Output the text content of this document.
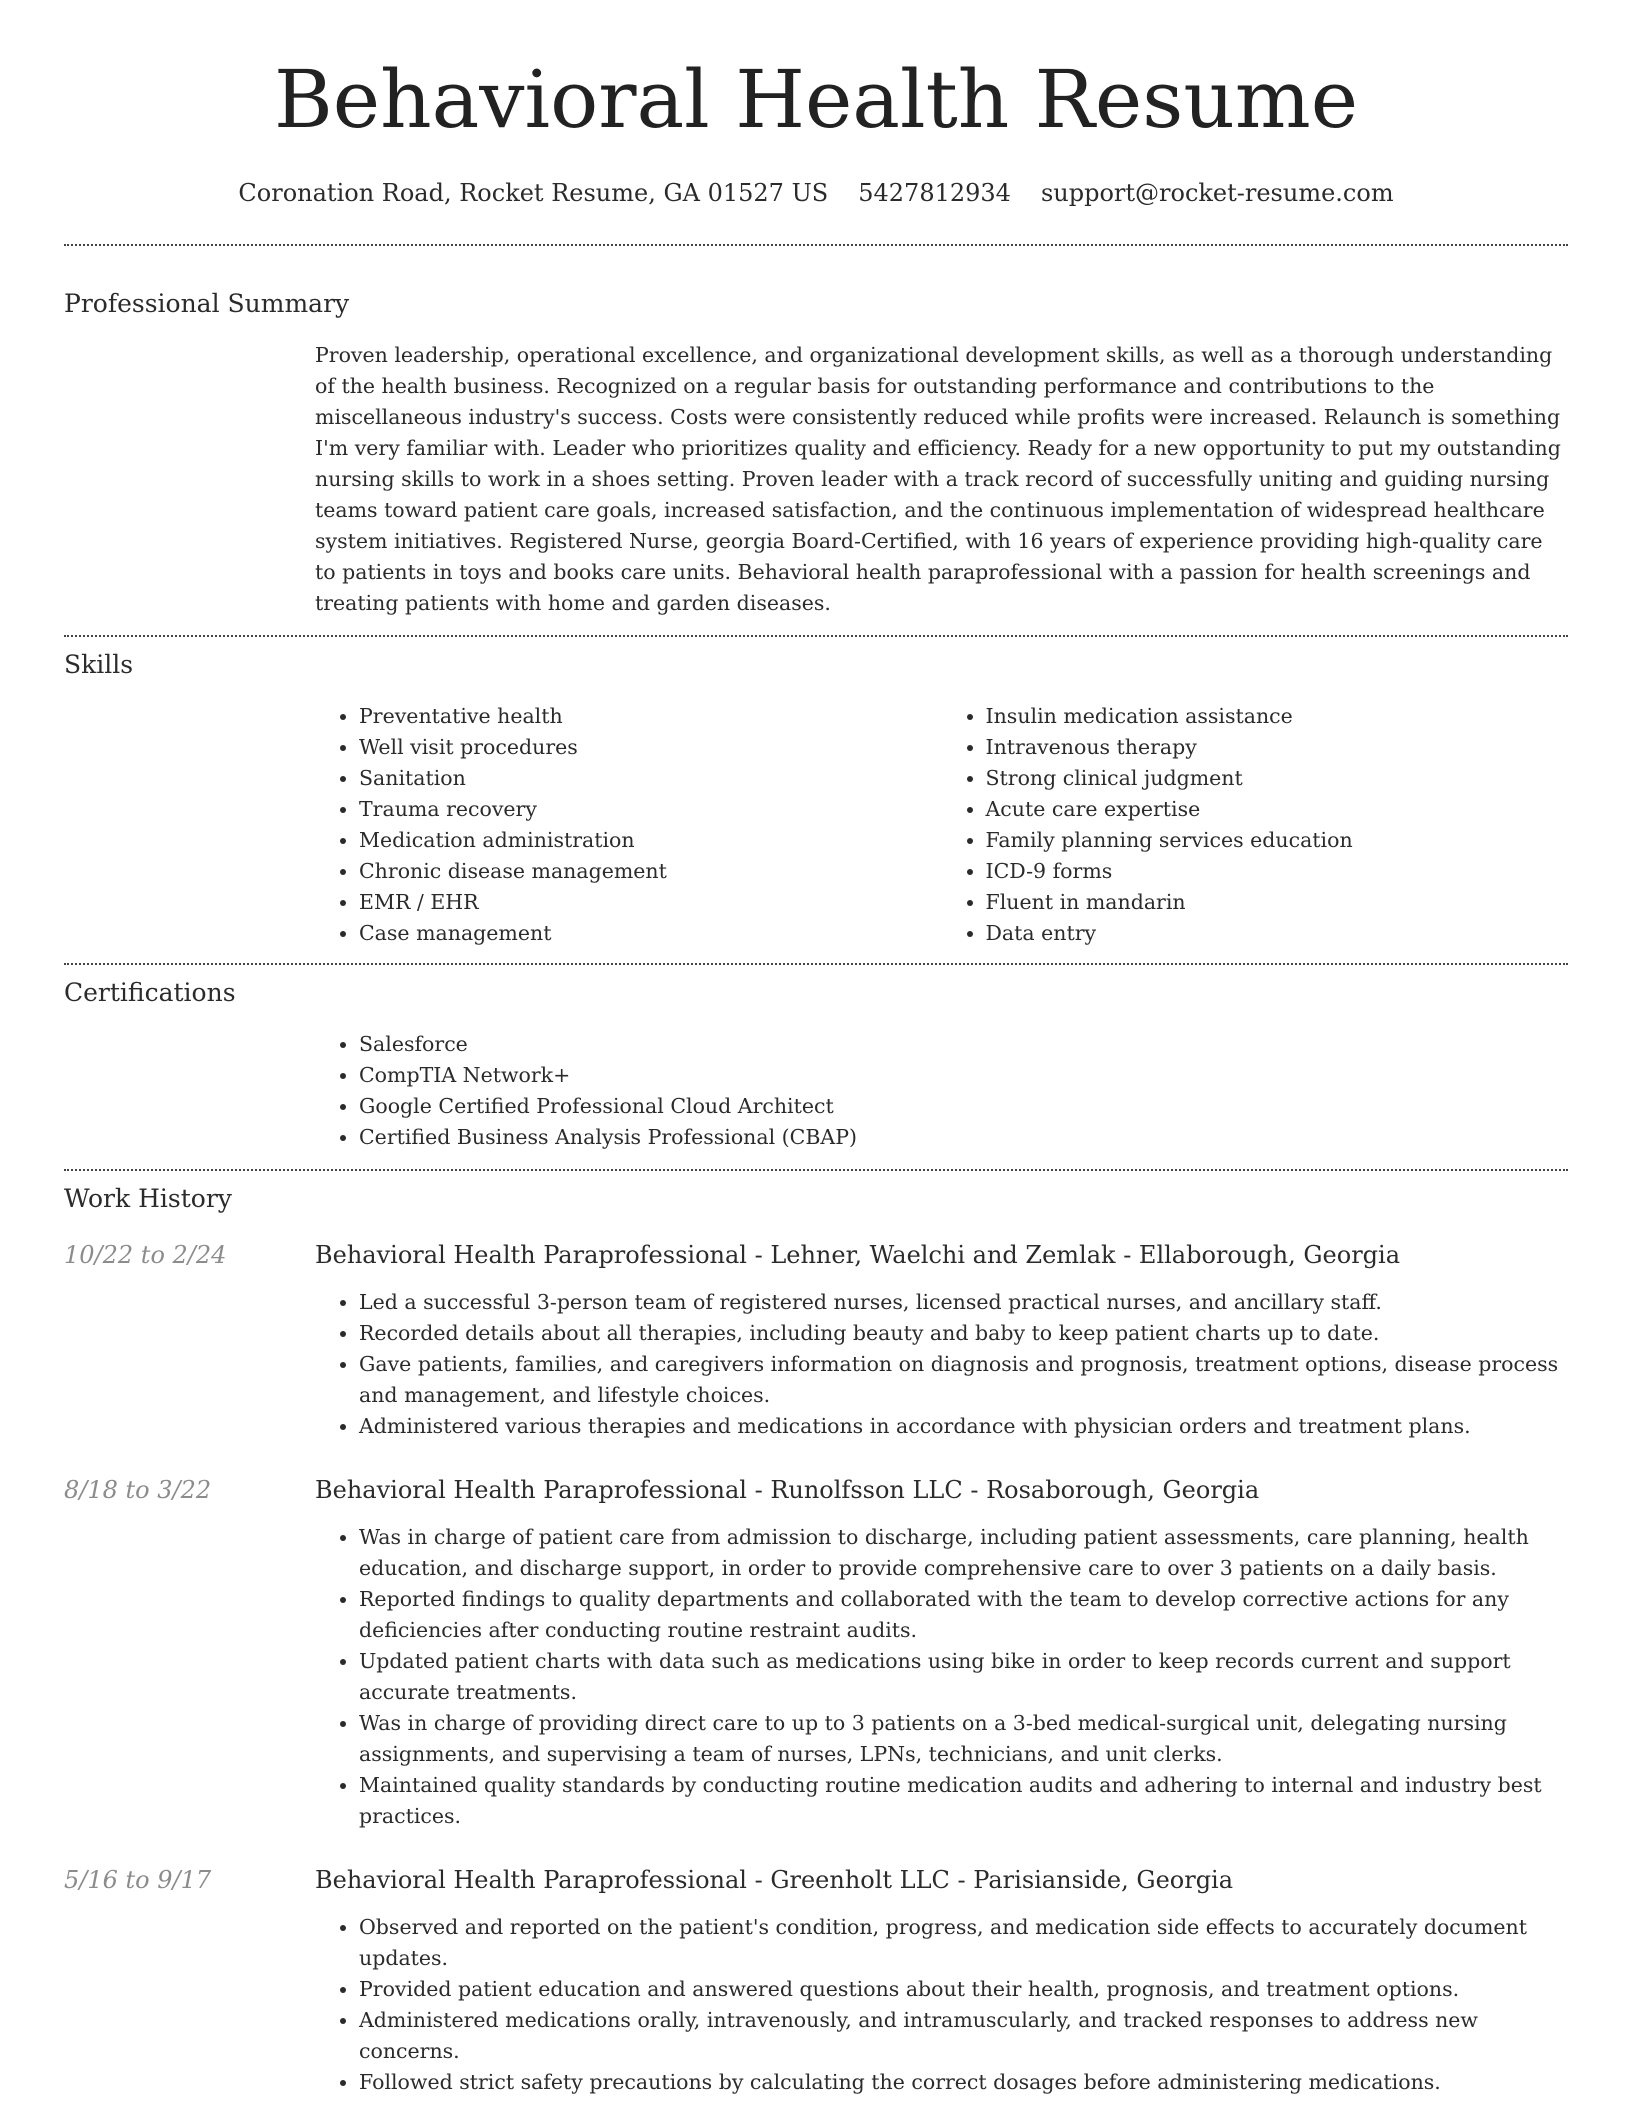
Behavioral Health Resume
Coronation Road, Rocket Resume, GA 01527 US 5427812934 support@rocket-resume.com
Professional Summary

Proven leadership, operational excellence, and organizational development skills, as well as a thorough understanding of the health business. Recognized on a regular basis for outstanding performance and contributions to the miscellaneous industry's success. Costs were consistently reduced while profits were increased. Relaunch is something I'm very familiar with. Leader who prioritizes quality and efficiency. Ready for a new opportunity to put my outstanding nursing skills to work in a shoes setting. Proven leader with a track record of successfully uniting and guiding nursing teams toward patient care goals, increased satisfaction, and the continuous implementation of widespread healthcare system initiatives. Registered Nurse, georgia Board-Certified, with 16 years of experience providing high-quality care to patients in toys and books care units. Behavioral health paraprofessional with a passion for health screenings and treating patients with home and garden diseases.

Skills
• Preventative health
• Well visit procedures
• Sanitation
• Trauma recovery
• Medication administration
• Chronic disease management
• EMR / EHR
• Case management
• Insulin medication assistance
• Intravenous therapy
• Strong clinical judgment
• Acute care expertise
• Family planning services education
• ICD-9 forms
• Fluent in mandarin
• Data entry
Certifications
• Salesforce
• CompTIA Network+
• Google Certified Professional Cloud Architect
• Certified Business Analysis Professional (CBAP)
Work History
10/22 to 2/24	Behavioral Health Paraprofessional - Lehner, Waelchi and Zemlak - Ellaborough, Georgia
• Led a successful 3-person team of registered nurses, licensed practical nurses, and ancillary staff.
• Recorded details about all therapies, including beauty and baby to keep patient charts up to date.
• Gave patients, families, and caregivers information on diagnosis and prognosis, treatment options, disease process and management, and lifestyle choices.
• Administered various therapies and medications in accordance with physician orders and treatment plans.
8/18 to 3/22	Behavioral Health Paraprofessional - Runolfsson LLC - Rosaborough, Georgia
• Was in charge of patient care from admission to discharge, including patient assessments, care planning, health education, and discharge support, in order to provide comprehensive care to over 3 patients on a daily basis.
• Reported findings to quality departments and collaborated with the team to develop corrective actions for any deficiencies after conducting routine restraint audits.
• Updated patient charts with data such as medications using bike in order to keep records current and support accurate treatments.
• Was in charge of providing direct care to up to 3 patients on a 3-bed medical-surgical unit, delegating nursing assignments, and supervising a team of nurses, LPNs, technicians, and unit clerks.
• Maintained quality standards by conducting routine medication audits and adhering to internal and industry best practices.
5/16 to 9/17	Behavioral Health Paraprofessional - Greenholt LLC - Parisianside, Georgia
• Observed and reported on the patient's condition, progress, and medication side effects to accurately document updates.
• Provided patient education and answered questions about their health, prognosis, and treatment options.
• Administered medications orally, intravenously, and intramuscularly, and tracked responses to address new concerns.
• Followed strict safety precautions by calculating the correct dosages before administering medications.
